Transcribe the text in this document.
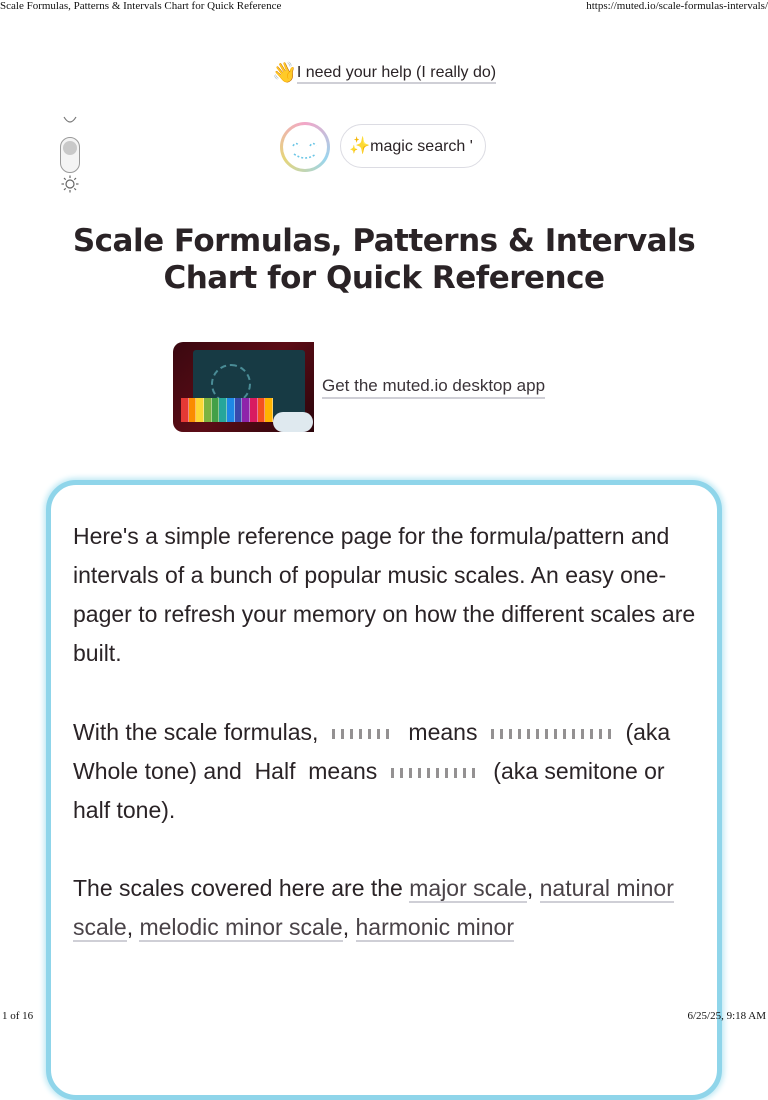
Scale Formulas, Patterns & Intervals Chart for Quick Reference	https://muted.io/scale-formulas-intervals/
👋I need your help (I really do)
✨magic search '
Scale Formulas, Patterns & Intervals
Chart for Quick Reference
Get the muted.io desktop app

Here's a simple reference page for the formula/pattern and intervals of a bunch of popular music scales. An easy one-pager to refresh your memory on how the different scales are built.

With the scale formulas,	means	(aka Whole tone) and Half means	(aka semitone or half tone).

The scales covered here are the major scale, natural minor scale, melodic minor scale, harmonic minor

1 of 16	6/25/25, 9:18 AM
